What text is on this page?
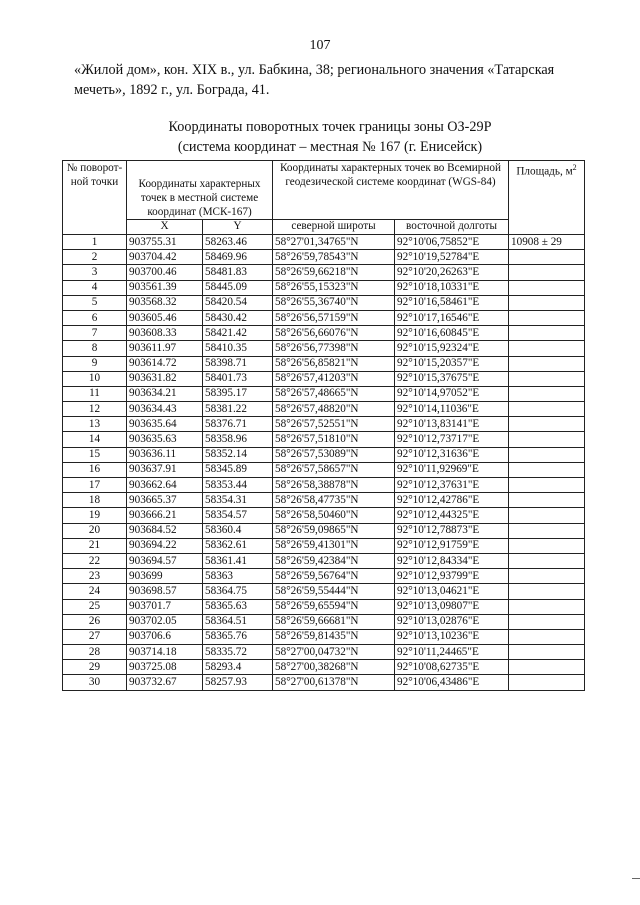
107
«Жилой дом», кон. XIX в., ул. Бабкина, 38; регионального значения «Татарская мечеть», 1892 г., ул. Бограда, 41.
Координаты поворотных точек границы зоны ОЗ-29Р
(система координат – местная № 167 (г. Енисейск)
№ поворот-ной точки	Координаты характерных точек в местной системе координат (МСК-167)		Координаты характерных точек во Всемирной геодезической системе координат (WGS-84)		Площадь, $м^2$
	X	Y	северной широты	восточной долготы	
1	903755.31	58263.46	58°27'01,34765"N	92°10'06,75852"E	10908 ± 29
2	903704.42	58469.96	58°26'59,78543"N	92°10'19,52784"E	
3	903700.46	58481.83	58°26'59,66218"N	92°10'20,26263"E	
4	903561.39	58445.09	58°26'55,15323"N	92°10'18,10331"E	
5	903568.32	58420.54	58°26'55,36740"N	92°10'16,58461"E	
6	903605.46	58430.42	58°26'56,57159"N	92°10'17,16546"E	
7	903608.33	58421.42	58°26'56,66076"N	92°10'16,60845"E	
8	903611.97	58410.35	58°26'56,77398"N	92°10'15,92324"E	
9	903614.72	58398.71	58°26'56,85821"N	92°10'15,20357"E	
10	903631.82	58401.73	58°26'57,41203"N	92°10'15,37675"E	
11	903634.21	58395.17	58°26'57,48665"N	92°10'14,97052"E	
12	903634.43	58381.22	58°26'57,48820"N	92°10'14,11036"E	
13	903635.64	58376.71	58°26'57,52551"N	92°10'13,83141"E	
14	903635.63	58358.96	58°26'57,51810"N	92°10'12,73717"E	
15	903636.11	58352.14	58°26'57,53089"N	92°10'12,31636"E	
16	903637.91	58345.89	58°26'57,58657"N	92°10'11,92969"E	
17	903662.64	58353.44	58°26'58,38878"N	92°10'12,37631"E	
18	903665.37	58354.31	58°26'58,47735"N	92°10'12,42786"E	
19	903666.21	58354.57	58°26'58,50460"N	92°10'12,44325"E	
20	903684.52	58360.4	58°26'59,09865"N	92°10'12,78873"E	
21	903694.22	58362.61	58°26'59,41301"N	92°10'12,91759"E	
22	903694.57	58361.41	58°26'59,42384"N	92°10'12,84334"E	
23	903699	58363	58°26'59,56764"N	92°10'12,93799"E	
24	903698.57	58364.75	58°26'59,55444"N	92°10'13,04621"E	
25	903701.7	58365.63	58°26'59,65594"N	92°10'13,09807"E	
26	903702.05	58364.51	58°26'59,66681"N	92°10'13,02876"E	
27	903706.6	58365.76	58°26'59,81435"N	92°10'13,10236"E	
28	903714.18	58335.72	58°27'00,04732"N	92°10'11,24465"E	
29	903725.08	58293.4	58°27'00,38268"N	92°10'08,62735"E	
30	903732.67	58257.93	58°27'00,61378"N	92°10'06,43486"E	
